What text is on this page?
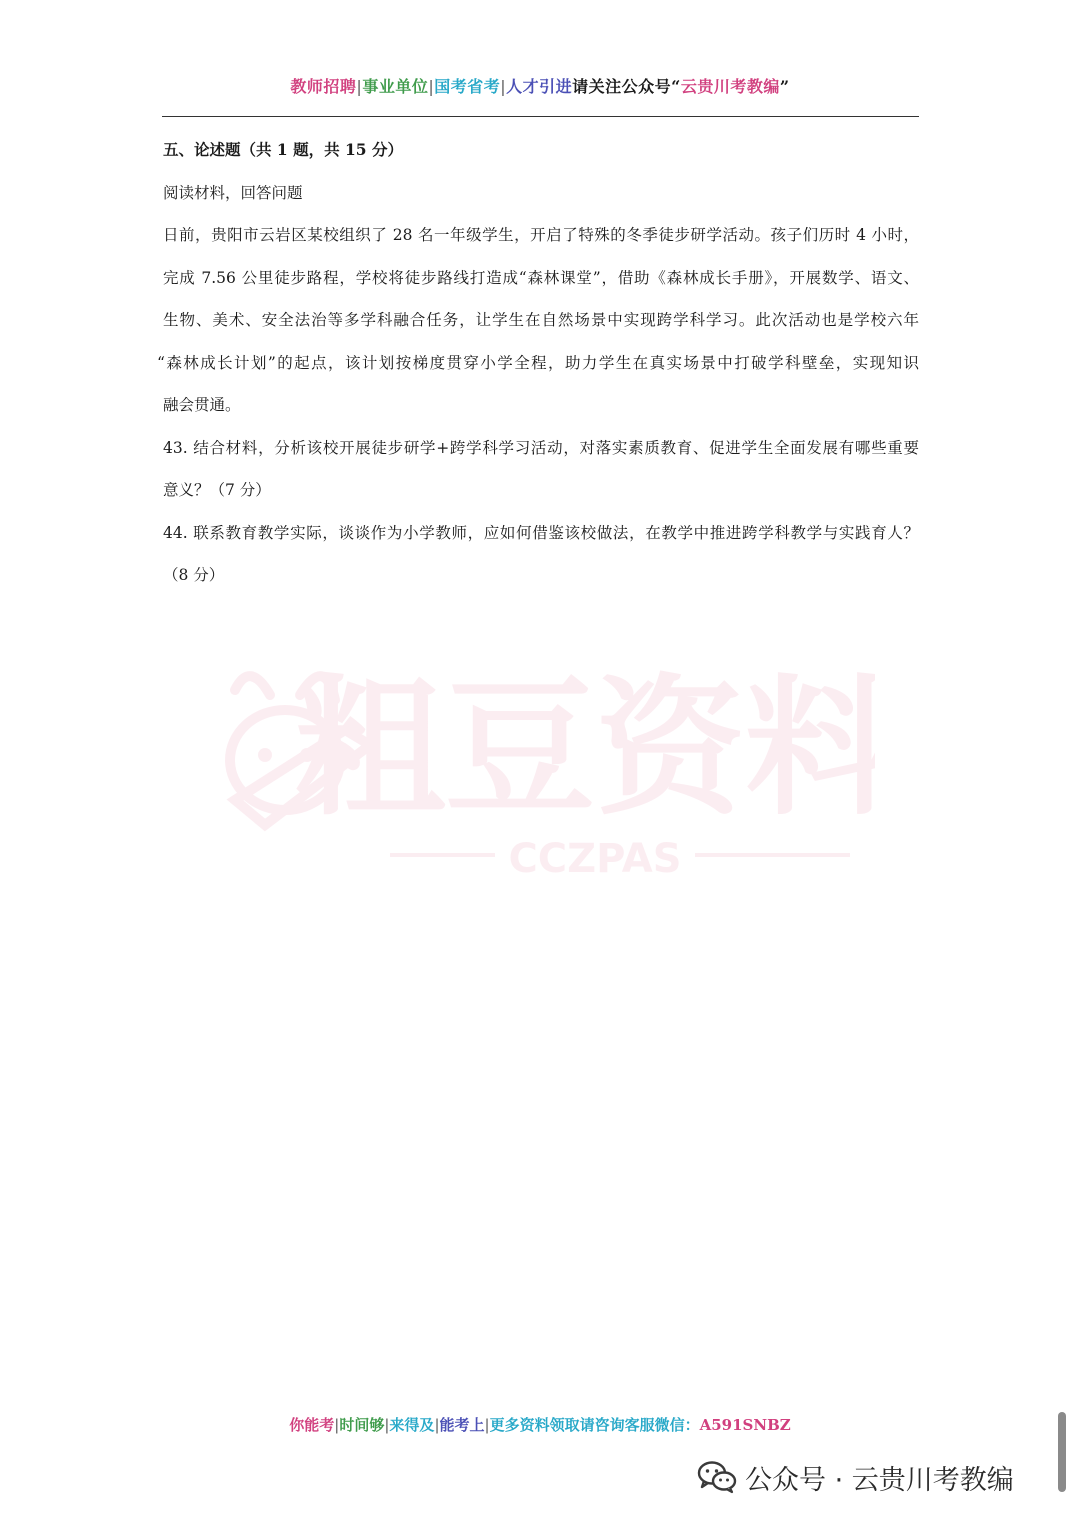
教师招聘|事业单位|国考省考|人才引进请关注公众号“云贵川考教编”
五、论述题（共 1 题，共 15 分）
阅读材料，回答问题
日前，贵阳市云岩区某校组织了 28 名一年级学生，开启了特殊的冬季徒步研学活动。孩子们历时 4 小时，
完成 7.56 公里徒步路程，学校将徒步路线打造成“森林课堂”，借助《森林成长手册》，开展数学、语文、
生物、美术、安全法治等多学科融合任务，让学生在自然场景中实现跨学科学习。此次活动也是学校六年
“森林成长计划”的起点，该计划按梯度贯穿小学全程，助力学生在真实场景中打破学科壁垒，实现知识
融会贯通。
43. 结合材料，分析该校开展徒步研学+跨学科学习活动，对落实素质教育、促进学生全面发展有哪些重要
意义？（7 分）
44. 联系教育教学实际，谈谈作为小学教师，应如何借鉴该校做法，在教学中推进跨学科教学与实践育人？
（8 分）
粗豆资料
CCZPAS
你能考|时间够|来得及|能考上|更多资料领取请咨询客服微信：A591SNBZ
公众号 · 云贵川考教编
